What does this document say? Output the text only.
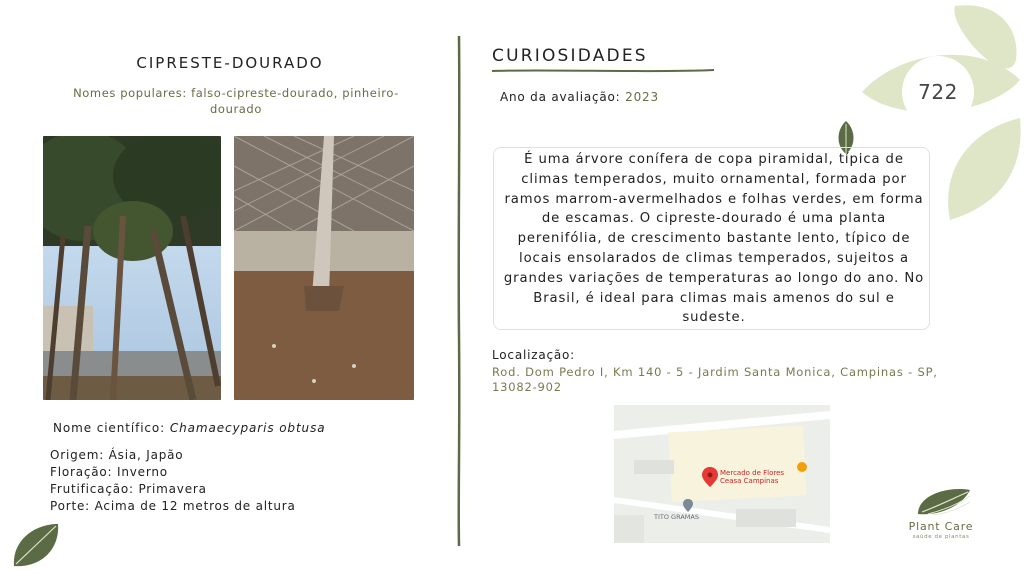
722
CIPRESTE-DOURADO
Nomes populares: falso-cipreste-dourado, pinheiro-dourado
Nome científico: Chamaecyparis obtusa
Origem: Ásia, Japão
Floração: Inverno
Frutificação: Primavera
Porte: Acima de 12 metros de altura
CURIOSIDADES
Ano da avaliação: 2023
É uma árvore conífera de copa piramidal, típica de climas temperados, muito ornamental, formada por ramos marrom-avermelhados e folhas verdes, em forma de escamas. O cipreste-dourado é uma planta perenifólia, de crescimento bastante lento, típico de locais ensolarados de climas temperados, sujeitos a grandes variações de temperaturas ao longo do ano. No Brasil, é ideal para climas mais amenos do sul e sudeste.
Localização:
Rod. Dom Pedro I, Km 140 - 5 - Jardim Santa Monica, Campinas - SP, 13082-902
Mercado de Flores
Ceasa Campinas
TITO GRAMAS
Plant Care
saúde de plantas
